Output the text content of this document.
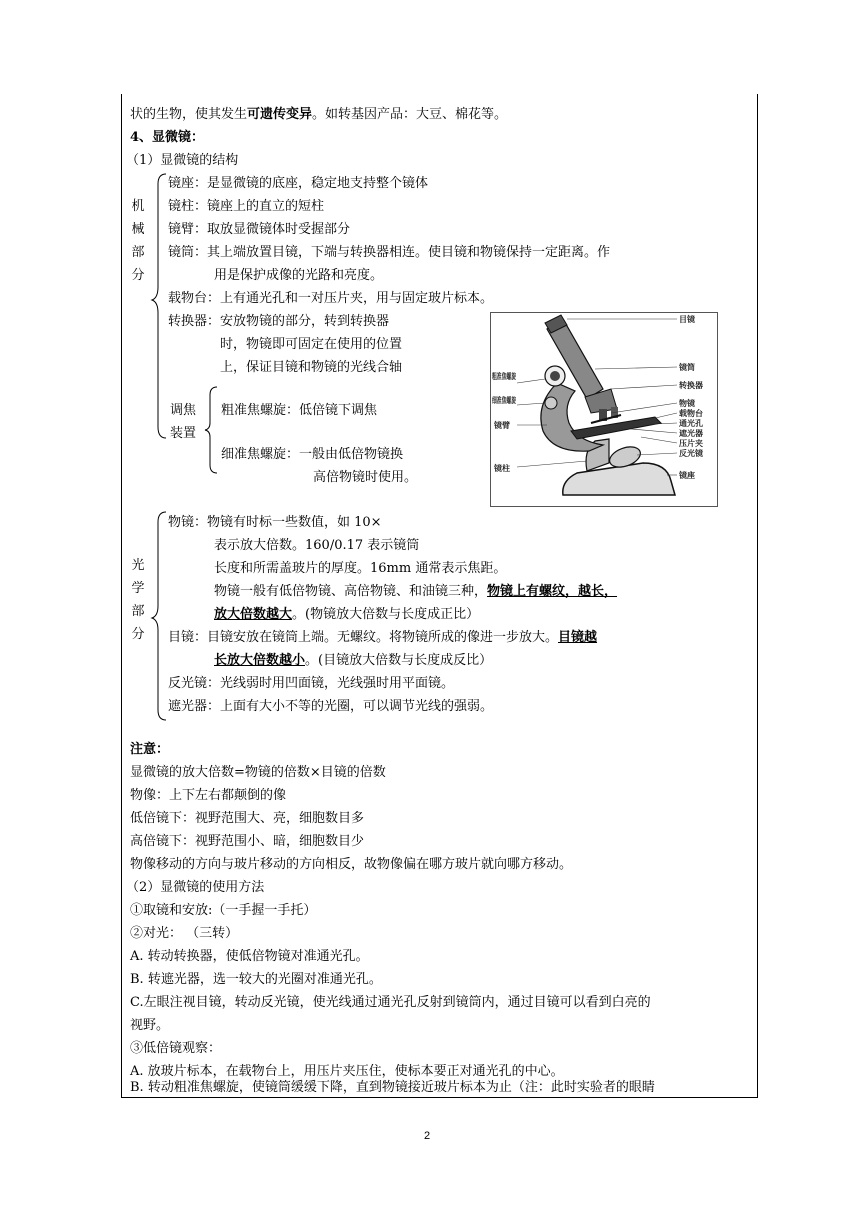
状的生物，使其发生可遗传变异。如转基因产品：大豆、棉花等。
4、显微镜：
（1）显微镜的结构
机
械
部
分
镜座：是显微镜的底座，稳定地支持整个镜体
镜柱：镜座上的直立的短柱
镜臂：取放显微镜体时受握部分
镜筒：其上端放置目镜，下端与转换器相连。使目镜和物镜保持一定距离。作
用是保护成像的光路和亮度。
载物台：上有通光孔和一对压片夹，用与固定玻片标本。
转换器：安放物镜的部分，转到转换器
时，物镜即可固定在使用的位置
上，保证目镜和物镜的光线合轴
调焦
装置
粗准焦螺旋：低倍镜下调焦
细准焦螺旋：一般由低倍物镜换
高倍物镜时使用。
目镜
镜筒
转换器
物镜
载物台
通光孔
遮光器
压片夹
反光镜
镜座
粗准焦螺旋
细准焦螺旋
镜臂
镜柱
光
学
部
分
物镜：物镜有时标一些数值，如 10×
表示放大倍数。160/0.17 表示镜筒
长度和所需盖玻片的厚度。16mm 通常表示焦距。
物镜一般有低倍物镜、高倍物镜、和油镜三种，物镜上有螺纹，越长，
放大倍数越大。(物镜放大倍数与长度成正比）
目镜：目镜安放在镜筒上端。无螺纹。将物镜所成的像进一步放大。目镜越
长放大倍数越小。(目镜放大倍数与长度成反比）
反光镜：光线弱时用凹面镜，光线强时用平面镜。
遮光器：上面有大小不等的光圈，可以调节光线的强弱。
注意：
显微镜的放大倍数=物镜的倍数×目镜的倍数
物像：上下左右都颠倒的像
低倍镜下：视野范围大、亮，细胞数目多
高倍镜下：视野范围小、暗，细胞数目少
物像移动的方向与玻片移动的方向相反，故物像偏在哪方玻片就向哪方移动。
（2）显微镜的使用方法
①取镜和安放:（一手握一手托）
②对光： （三转）
A. 转动转换器，使低倍物镜对准通光孔。
B. 转遮光器，选一较大的光圈对准通光孔。
C.左眼注视目镜，转动反光镜，使光线通过通光孔反射到镜筒内，通过目镜可以看到白亮的
视野。
③低倍镜观察：
A. 放玻片标本，在载物台上，用压片夹压住，使标本要正对通光孔的中心。
B. 转动粗准焦螺旋，使镜筒缓缓下降，直到物镜接近玻片标本为止（注：此时实验者的眼睛
2
